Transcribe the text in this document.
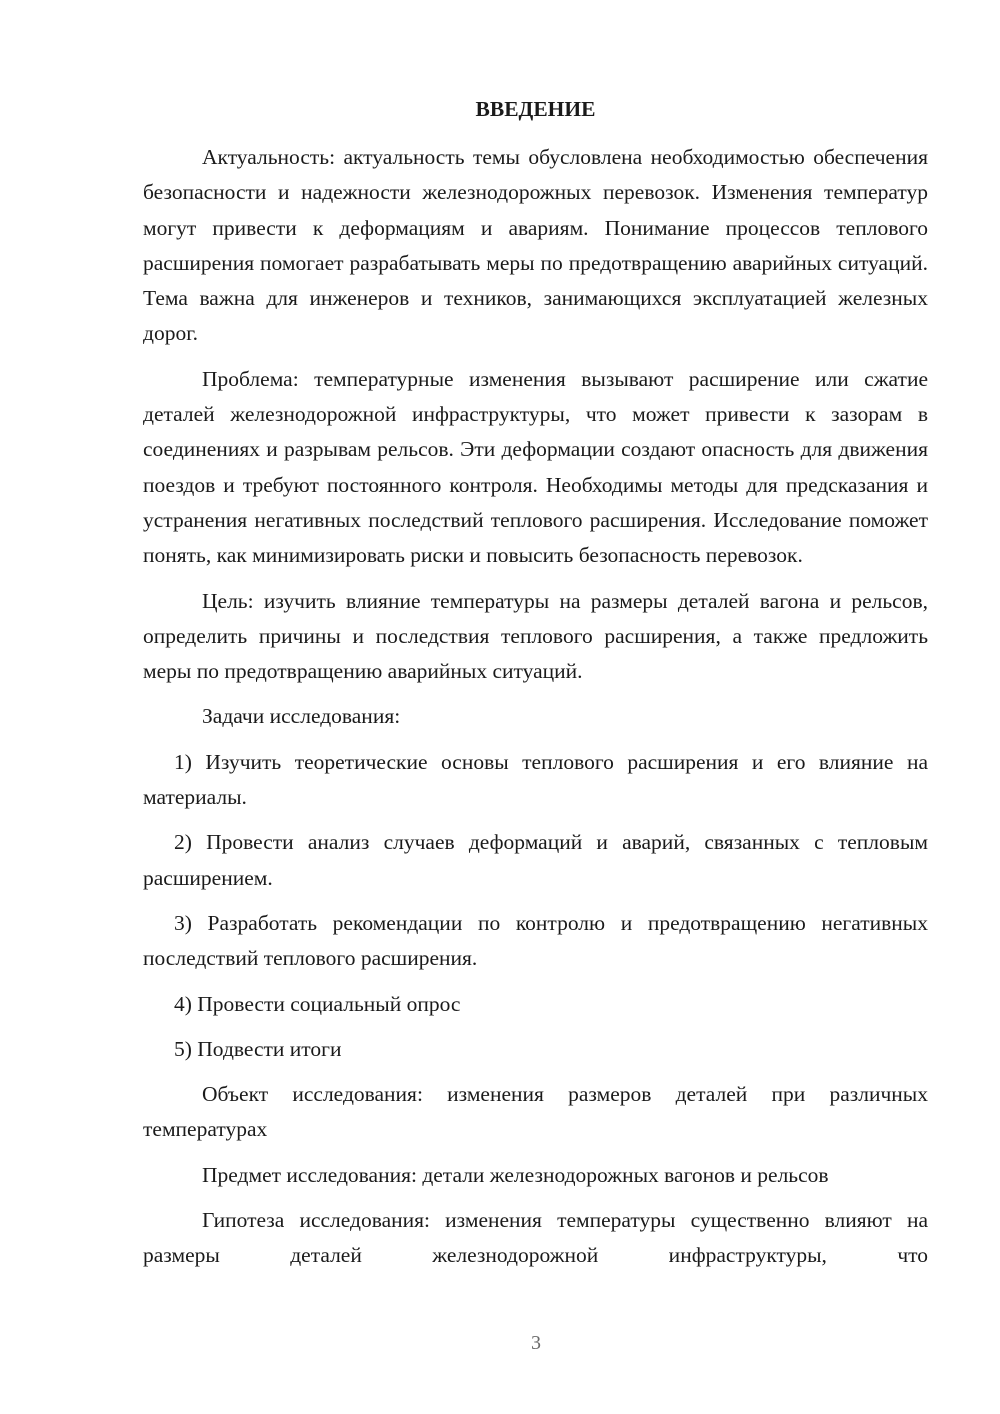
ВВЕДЕНИЕ

Актуальность: актуальность темы обусловлена необходимостью обеспечения безопасности и надежности железнодорожных перевозок. Изменения температур могут привести к деформациям и авариям. Понимание процессов теплового расширения помогает разрабатывать меры по предотвращению аварийных ситуаций. Тема важна для инженеров и техников, занимающихся эксплуатацией железных дорог.

Проблема: температурные изменения вызывают расширение или сжатие деталей железнодорожной инфраструктуры, что может привести к зазорам в соединениях и разрывам рельсов. Эти деформации создают опасность для движения поездов и требуют постоянного контроля. Необходимы методы для предсказания и устранения негативных последствий теплового расширения. Исследование поможет понять, как минимизировать риски и повысить безопасность перевозок.

Цель: изучить влияние температуры на размеры деталей вагона и рельсов, определить причины и последствия теплового расширения, а также предложить меры по предотвращению аварийных ситуаций.

Задачи исследования:

1) Изучить теоретические основы теплового расширения и его влияние на материалы.

2) Провести анализ случаев деформаций и аварий, связанных с тепловым расширением.

3) Разработать рекомендации по контролю и предотвращению негативных последствий теплового расширения.

4) Провести социальный опрос

5) Подвести итоги

Объект исследования: изменения размеров деталей при различных температурах

Предмет исследования: детали железнодорожных вагонов и рельсов

Гипотеза исследования: изменения температуры существенно влияют на размеры деталей железнодорожной инфраструктуры, что

3
